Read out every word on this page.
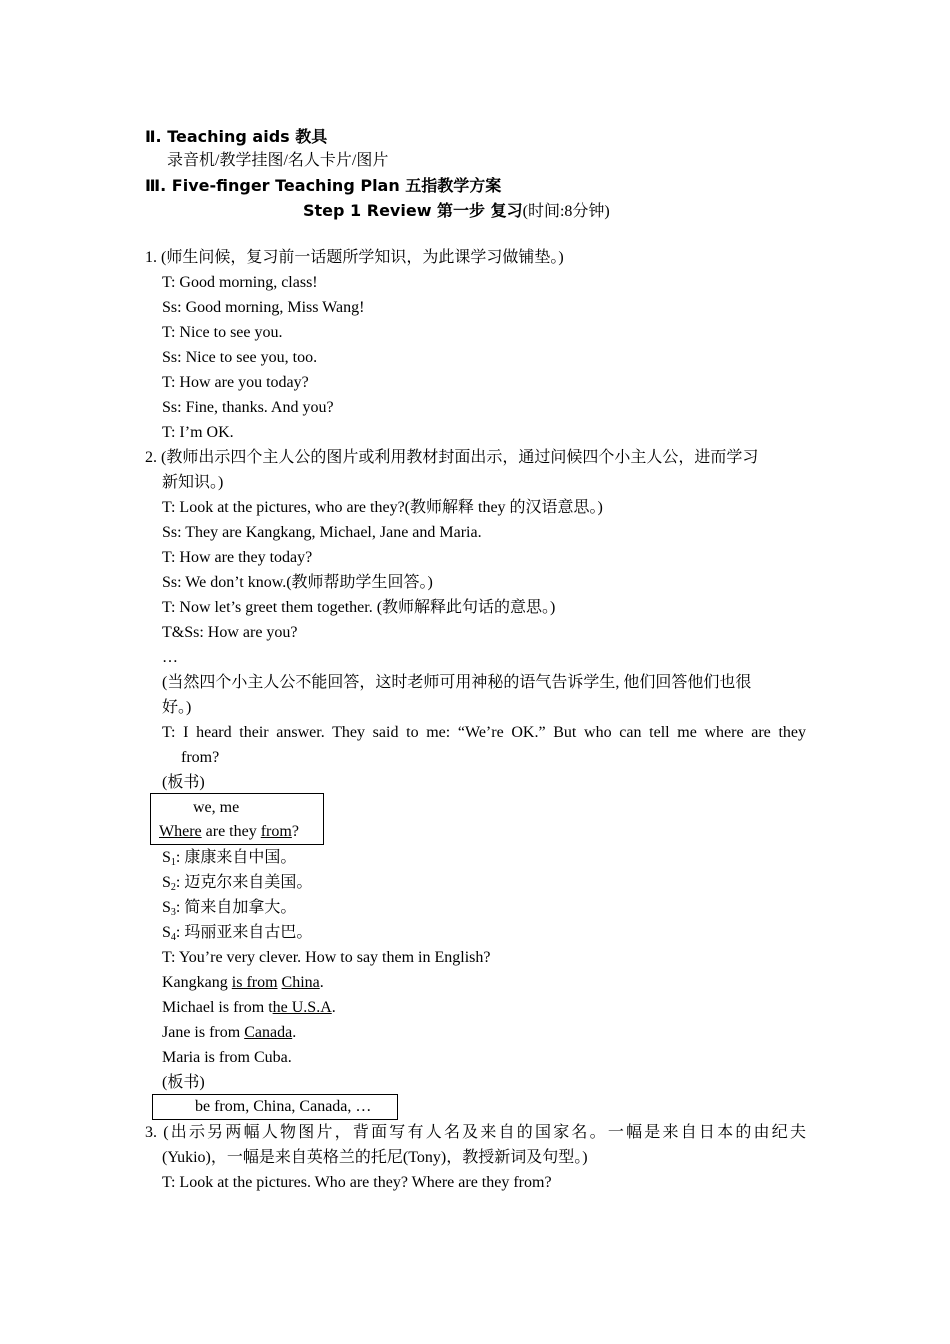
Ⅱ. Teaching aids 教具
录音机/教学挂图/名人卡片/图片
Ⅲ. Five-finger Teaching Plan 五指教学方案
Step 1 Review 第一步 复习(时间:8分钟)
1. (师生问候，复习前一话题所学知识，为此课学习做铺垫。)
T: Good morning, class!
Ss: Good morning, Miss Wang!
T: Nice to see you.
Ss: Nice to see you, too.
T: How are you today?
Ss: Fine, thanks. And you?
T: I’m OK.
2. (教师出示四个主人公的图片或利用教材封面出示，通过问候四个小主人公，进而学习
新知识。)
T: Look at the pictures, who are they?(教师解释 they 的汉语意思。)
Ss: They are Kangkang, Michael, Jane and Maria.
T: How are they today?
Ss: We don’t know.(教师帮助学生回答。)
T: Now let’s greet them together. (教师解释此句话的意思。)
T&Ss: How are you?
…
(当然四个小主人公不能回答，这时老师可用神秘的语气告诉学生, 他们回答他们也很
好。)
T: I heard their answer. They said to me: “We’re OK.” But who can tell me where are they
from?
(板书)
we, me
Where are they from?
$S_1$: 康康来自中国。
$S_2$: 迈克尔来自美国。
$S_3$: 简来自加拿大。
$S_4$: 玛丽亚来自古巴。
T: You’re very clever. How to say them in English?
Kangkang is from China.
Michael is from the U.S.A.
Jane is from Canada.
Maria is from Cuba.
(板书)
be from, China, Canada, …
3. (出示另两幅人物图片，背面写有人名及来自的国家名。一幅是来自日本的由纪夫
(Yukio)，一幅是来自英格兰的托尼(Tony)，教授新词及句型。)
T: Look at the pictures. Who are they? Where are they from?
